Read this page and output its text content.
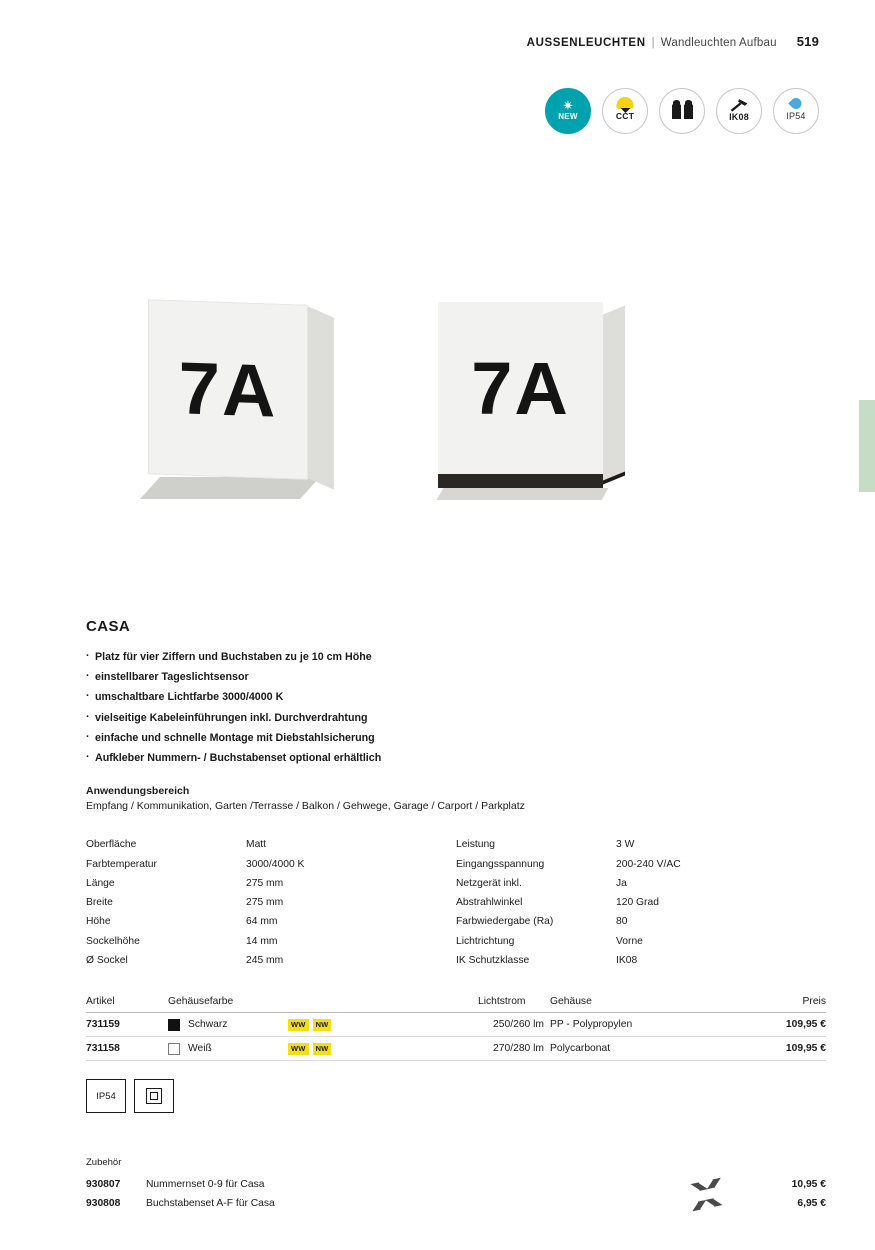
AUSSENLEUCHTEN | Wandleuchten Aufbau 519
✷
NEW	CCT	IK08	IP54
7A	7A
CASA
· Platz für vier Ziffern und Buchstaben zu je 10 cm Höhe
· einstellbarer Tageslichtsensor
· umschaltbare Lichtfarbe 3000/4000 K
· vielseitige Kabeleinführungen inkl. Durchverdrahtung
· einfache und schnelle Montage mit Diebstahlsicherung
· Aufkleber Nummern- / Buchstabenset optional erhältlich
Anwendungsbereich
Empfang / Kommunikation, Garten /Terrasse / Balkon / Gehwege, Garage / Carport / Parkplatz
Oberfläche	Matt
Farbtemperatur	3000/4000 K
Länge	275 mm
Breite	275 mm
Höhe	64 mm
Sockelhöhe	14 mm
Ø Sockel	245 mm
Leistung	3 W
Eingangsspannung	200-240 V/AC
Netzgerät inkl.	Ja
Abstrahlwinkel	120 Grad
Farbwiedergabe (Ra)	80
Lichtrichtung	Vorne
IK Schutzklasse	IK08
Artikel	Gehäusefarbe	Lichtstrom	Gehäuse	Preis
731159	Schwarz	WW	NW	250/260 lm PP - Polypropylen	109,95 €
731158	Weiß	WW	NW	270/280 lm Polycarbonat	109,95 €
IP54
Zubehör
930807	Nummernset 0-9 für Casa	◥◣◢◤	10,95 €
930808	Buchstabenset A-F für Casa	◢◤◥◣	6,95 €
